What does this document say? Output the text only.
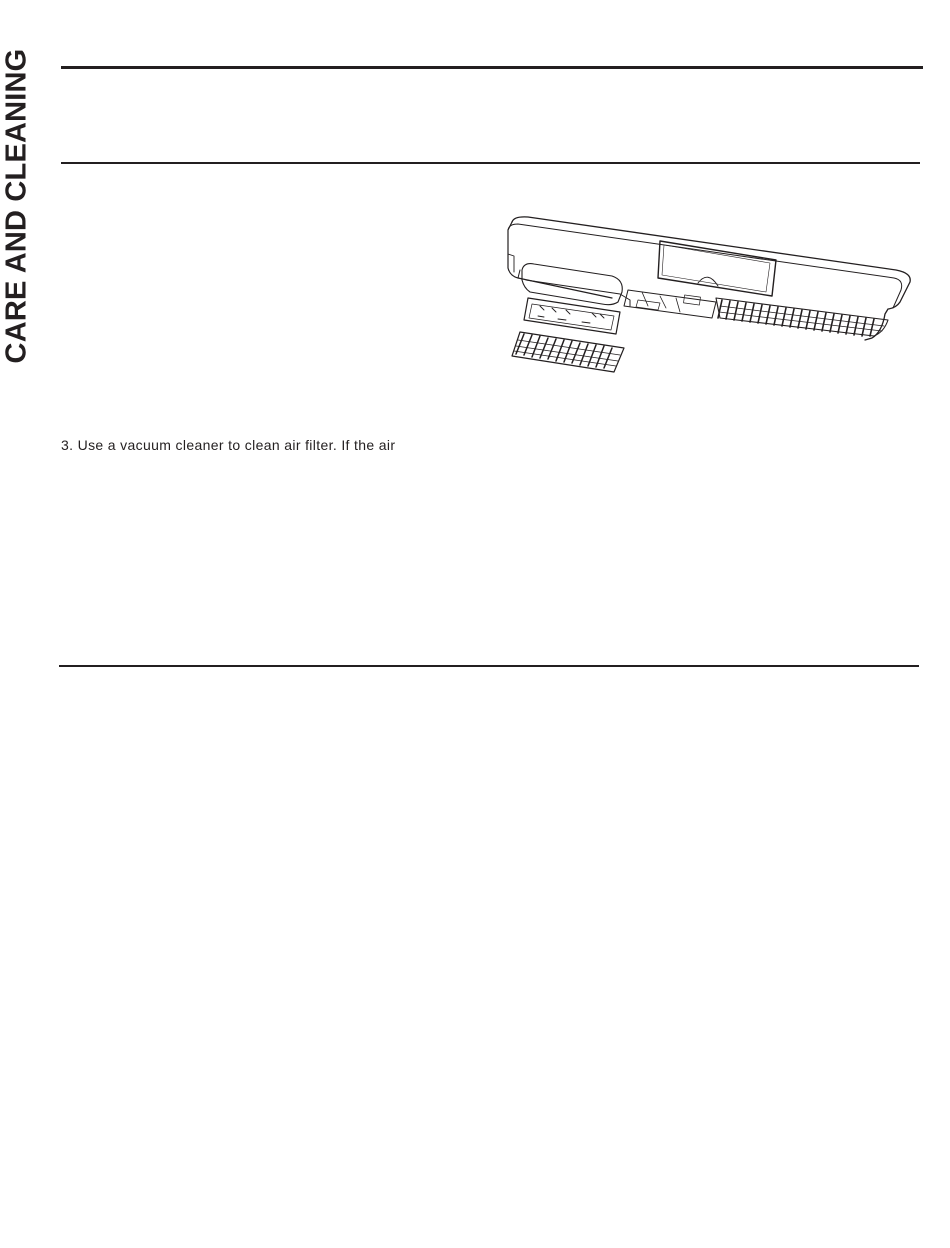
CARE AND CLEANING
3. Use a vacuum cleaner to clean air filter. If the air
